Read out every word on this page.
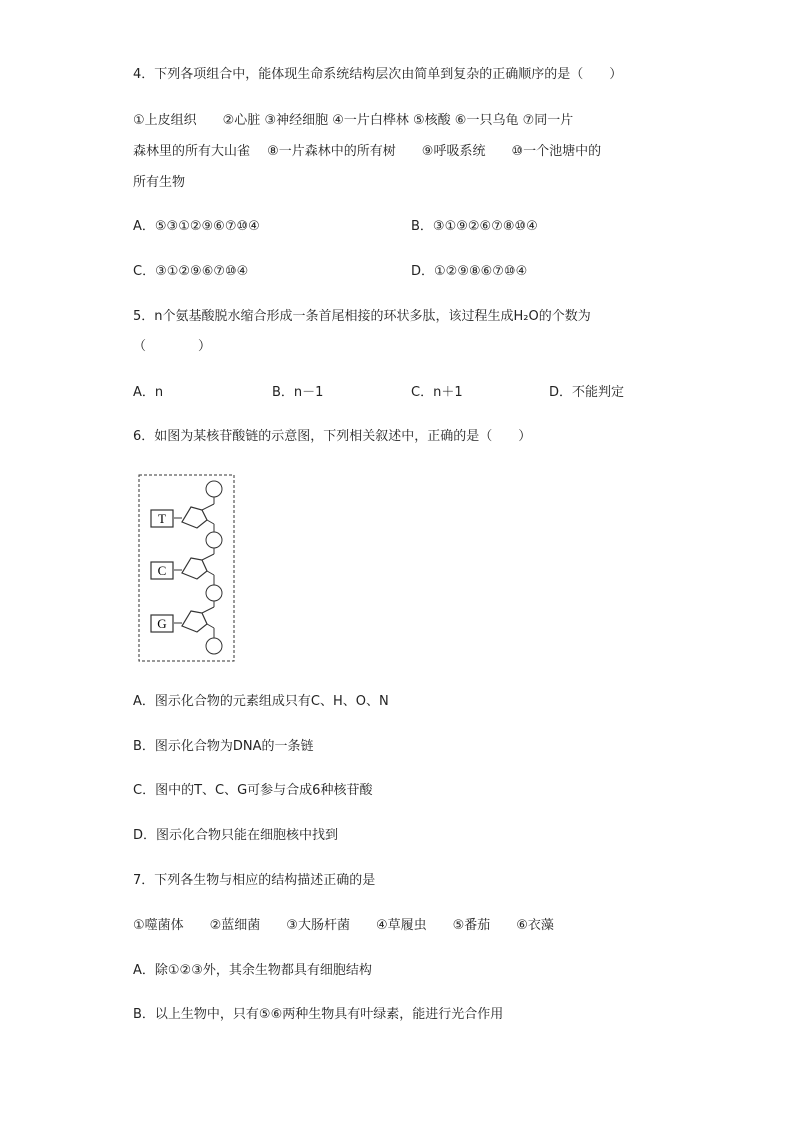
4．下列各项组合中，能体现生命系统结构层次由简单到复杂的正确顺序的是（　　）
①上皮组织　　②心脏 ③神经细胞 ④一片白桦林 ⑤核酸 ⑥一只乌龟 ⑦同一片
森林里的所有大山雀　 ⑧一片森林中的所有树　　⑨呼吸系统　　⑩一个池塘中的
所有生物
A．⑤③①②⑨⑥⑦⑩④	B．③①⑨②⑥⑦⑧⑩④
C．③①②⑨⑥⑦⑩④	D．①②⑨⑧⑥⑦⑩④
5．n个氨基酸脱水缩合形成一条首尾相接的环状多肽，该过程生成H₂O的个数为
（　　　　）
A．n	B．n－1	C．n＋1	D．不能判定
6．如图为某核苷酸链的示意图，下列相关叙述中，正确的是（　　）
T
C
G
A．图示化合物的元素组成只有C、H、O、N
B．图示化合物为DNA的一条链
C．图中的T、C、G可参与合成6种核苷酸
D．图示化合物只能在细胞核中找到
7．下列各生物与相应的结构描述正确的是
①噬菌体　　②蓝细菌　　③大肠杆菌　　④草履虫　　⑤番茄　　⑥衣藻
A．除①②③外，其余生物都具有细胞结构
B．以上生物中，只有⑤⑥两种生物具有叶绿素，能进行光合作用
